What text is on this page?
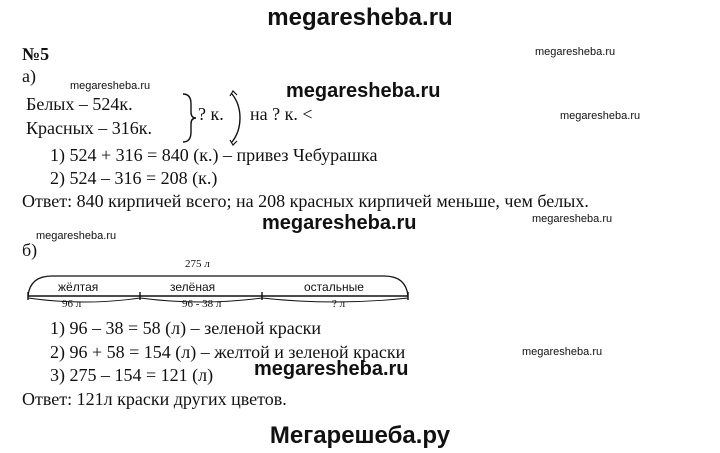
megaresheba.ru
№5	megaresheba.ru
а)	megaresheba.ru	megaresheba.ru
megaresheba.ru
Белых – 524к.
Красных – 316к.
? к. на ? к. <
1) 524 + 316 = 840 (к.) – привез Чебурашка
2) 524 – 316 = 208 (к.)
Ответ: 840 кирпичей всего; на 208 красных кирпичей меньше, чем белых.
megaresheba.ru	megaresheba.ru
megaresheba.ru
б)
275 л
жёлтая	зелёная	остальные
96 л	96 - 38 л	? л
1) 96 – 38 = 58 (л) – зеленой краски
2) 96 + 58 = 154 (л) – желтой и зеленой краски	megaresheba.ru
3) 275 – 154 = 121 (л) megaresheba.ru
Ответ: 121л краски других цветов.
Мегарешеба.ру
